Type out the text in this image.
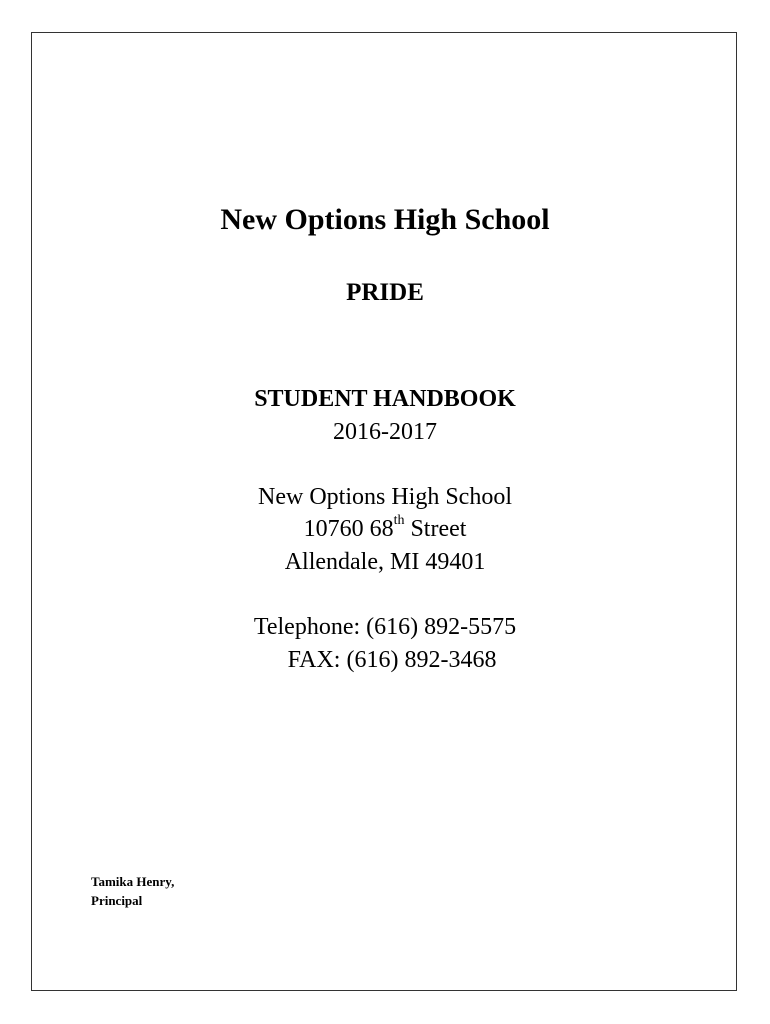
New Options High School
PRIDE
STUDENT HANDBOOK
2016-2017
New Options High School
10760 68th Street
Allendale, MI 49401
Telephone: (616) 892-5575
FAX: (616) 892-3468
Tamika Henry,
Principal
